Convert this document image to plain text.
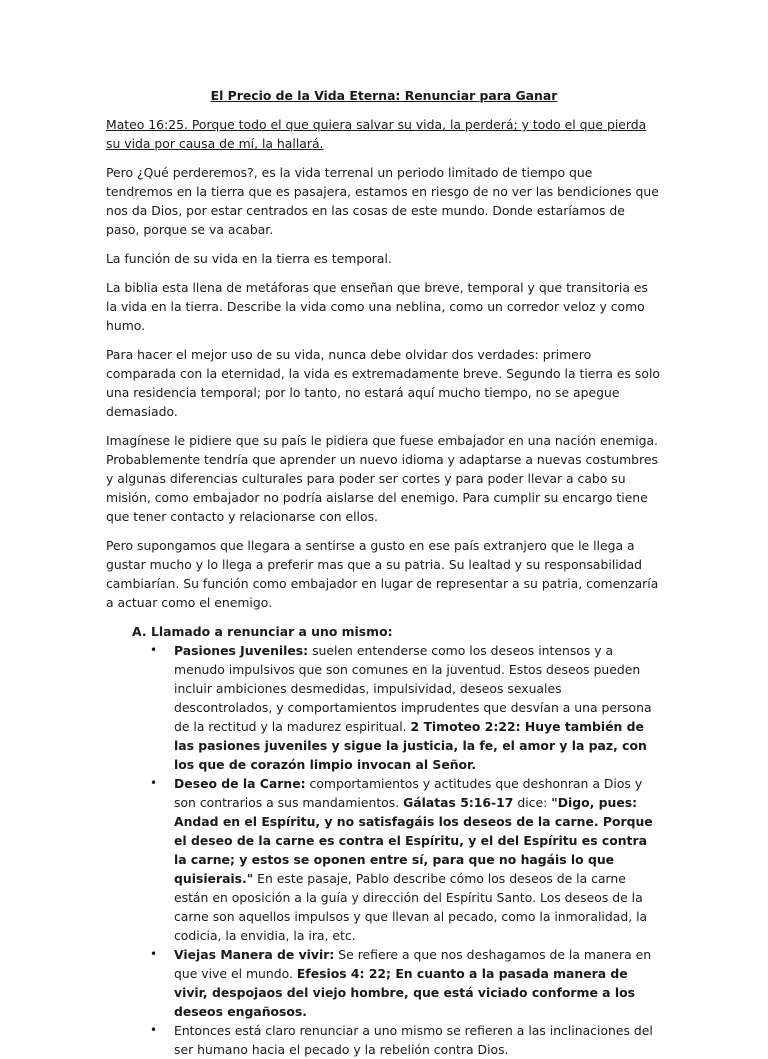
El Precio de la Vida Eterna: Renunciar para Ganar
Mateo 16:25. Porque todo el que quiera salvar su vida, la perderá; y todo el que pierda su vida por causa de mí, la hallará.

Pero ¿Qué perderemos?, es la vida terrenal un periodo limitado de tiempo que tendremos en la tierra que es pasajera, estamos en riesgo de no ver las bendiciones que nos da Dios, por estar centrados en las cosas de este mundo. Donde estaríamos de paso, porque se va acabar.

La función de su vida en la tierra es temporal.

La biblia esta llena de metáforas que enseñan que breve, temporal y que transitoria es la vida en la tierra. Describe la vida como una neblina, como un corredor veloz y como humo.

Para hacer el mejor uso de su vida, nunca debe olvidar dos verdades: primero comparada con la eternidad, la vida es extremadamente breve. Segundo la tierra es solo una residencia temporal; por lo tanto, no estará aquí mucho tiempo, no se apegue demasiado.

Imagínese le pidiere que su país le pidiera que fuese embajador en una nación enemiga. Probablemente tendría que aprender un nuevo idioma y adaptarse a nuevas costumbres y algunas diferencias culturales para poder ser cortes y para poder llevar a cabo su misión, como embajador no podría aislarse del enemigo. Para cumplir su encargo tiene que tener contacto y relacionarse con ellos.

Pero supongamos que llegara a sentirse a gusto en ese país extranjero que le llega a gustar mucho y lo llega a preferir mas que a su patria. Su lealtad y su responsabilidad cambiarían. Su función como embajador en lugar de representar a su patria, comenzaría a actuar como el enemigo.

A. Llamado a renunciar a uno mismo:
• Pasiones Juveniles: suelen entenderse como los deseos intensos y a menudo impulsivos que son comunes en la juventud. Estos deseos pueden incluir ambiciones desmedidas, impulsividad, deseos sexuales descontrolados, y comportamientos imprudentes que desvían a una persona de la rectitud y la madurez espiritual. 2 Timoteo 2:22: Huye también de las pasiones juveniles y sigue la justicia, la fe, el amor y la paz, con los que de corazón limpio invocan al Señor.
• Deseo de la Carne: comportamientos y actitudes que deshonran a Dios y son contrarios a sus mandamientos. Gálatas 5:16-17 dice: "Digo, pues: Andad en el Espíritu, y no satisfagáis los deseos de la carne. Porque el deseo de la carne es contra el Espíritu, y el del Espíritu es contra la carne; y estos se oponen entre sí, para que no hagáis lo que quisierais." En este pasaje, Pablo describe cómo los deseos de la carne están en oposición a la guía y dirección del Espíritu Santo. Los deseos de la carne son aquellos impulsos y que llevan al pecado, como la inmoralidad, la codicia, la envidia, la ira, etc.
• Viejas Manera de vivir: Se refiere a que nos deshagamos de la manera en que vive el mundo. Efesios 4: 22; En cuanto a la pasada manera de vivir, despojaos del viejo hombre, que está viciado conforme a los deseos engañosos.
• Entonces está claro renunciar a uno mismo se refieren a las inclinaciones del ser humano hacia el pecado y la rebelión contra Dios.
